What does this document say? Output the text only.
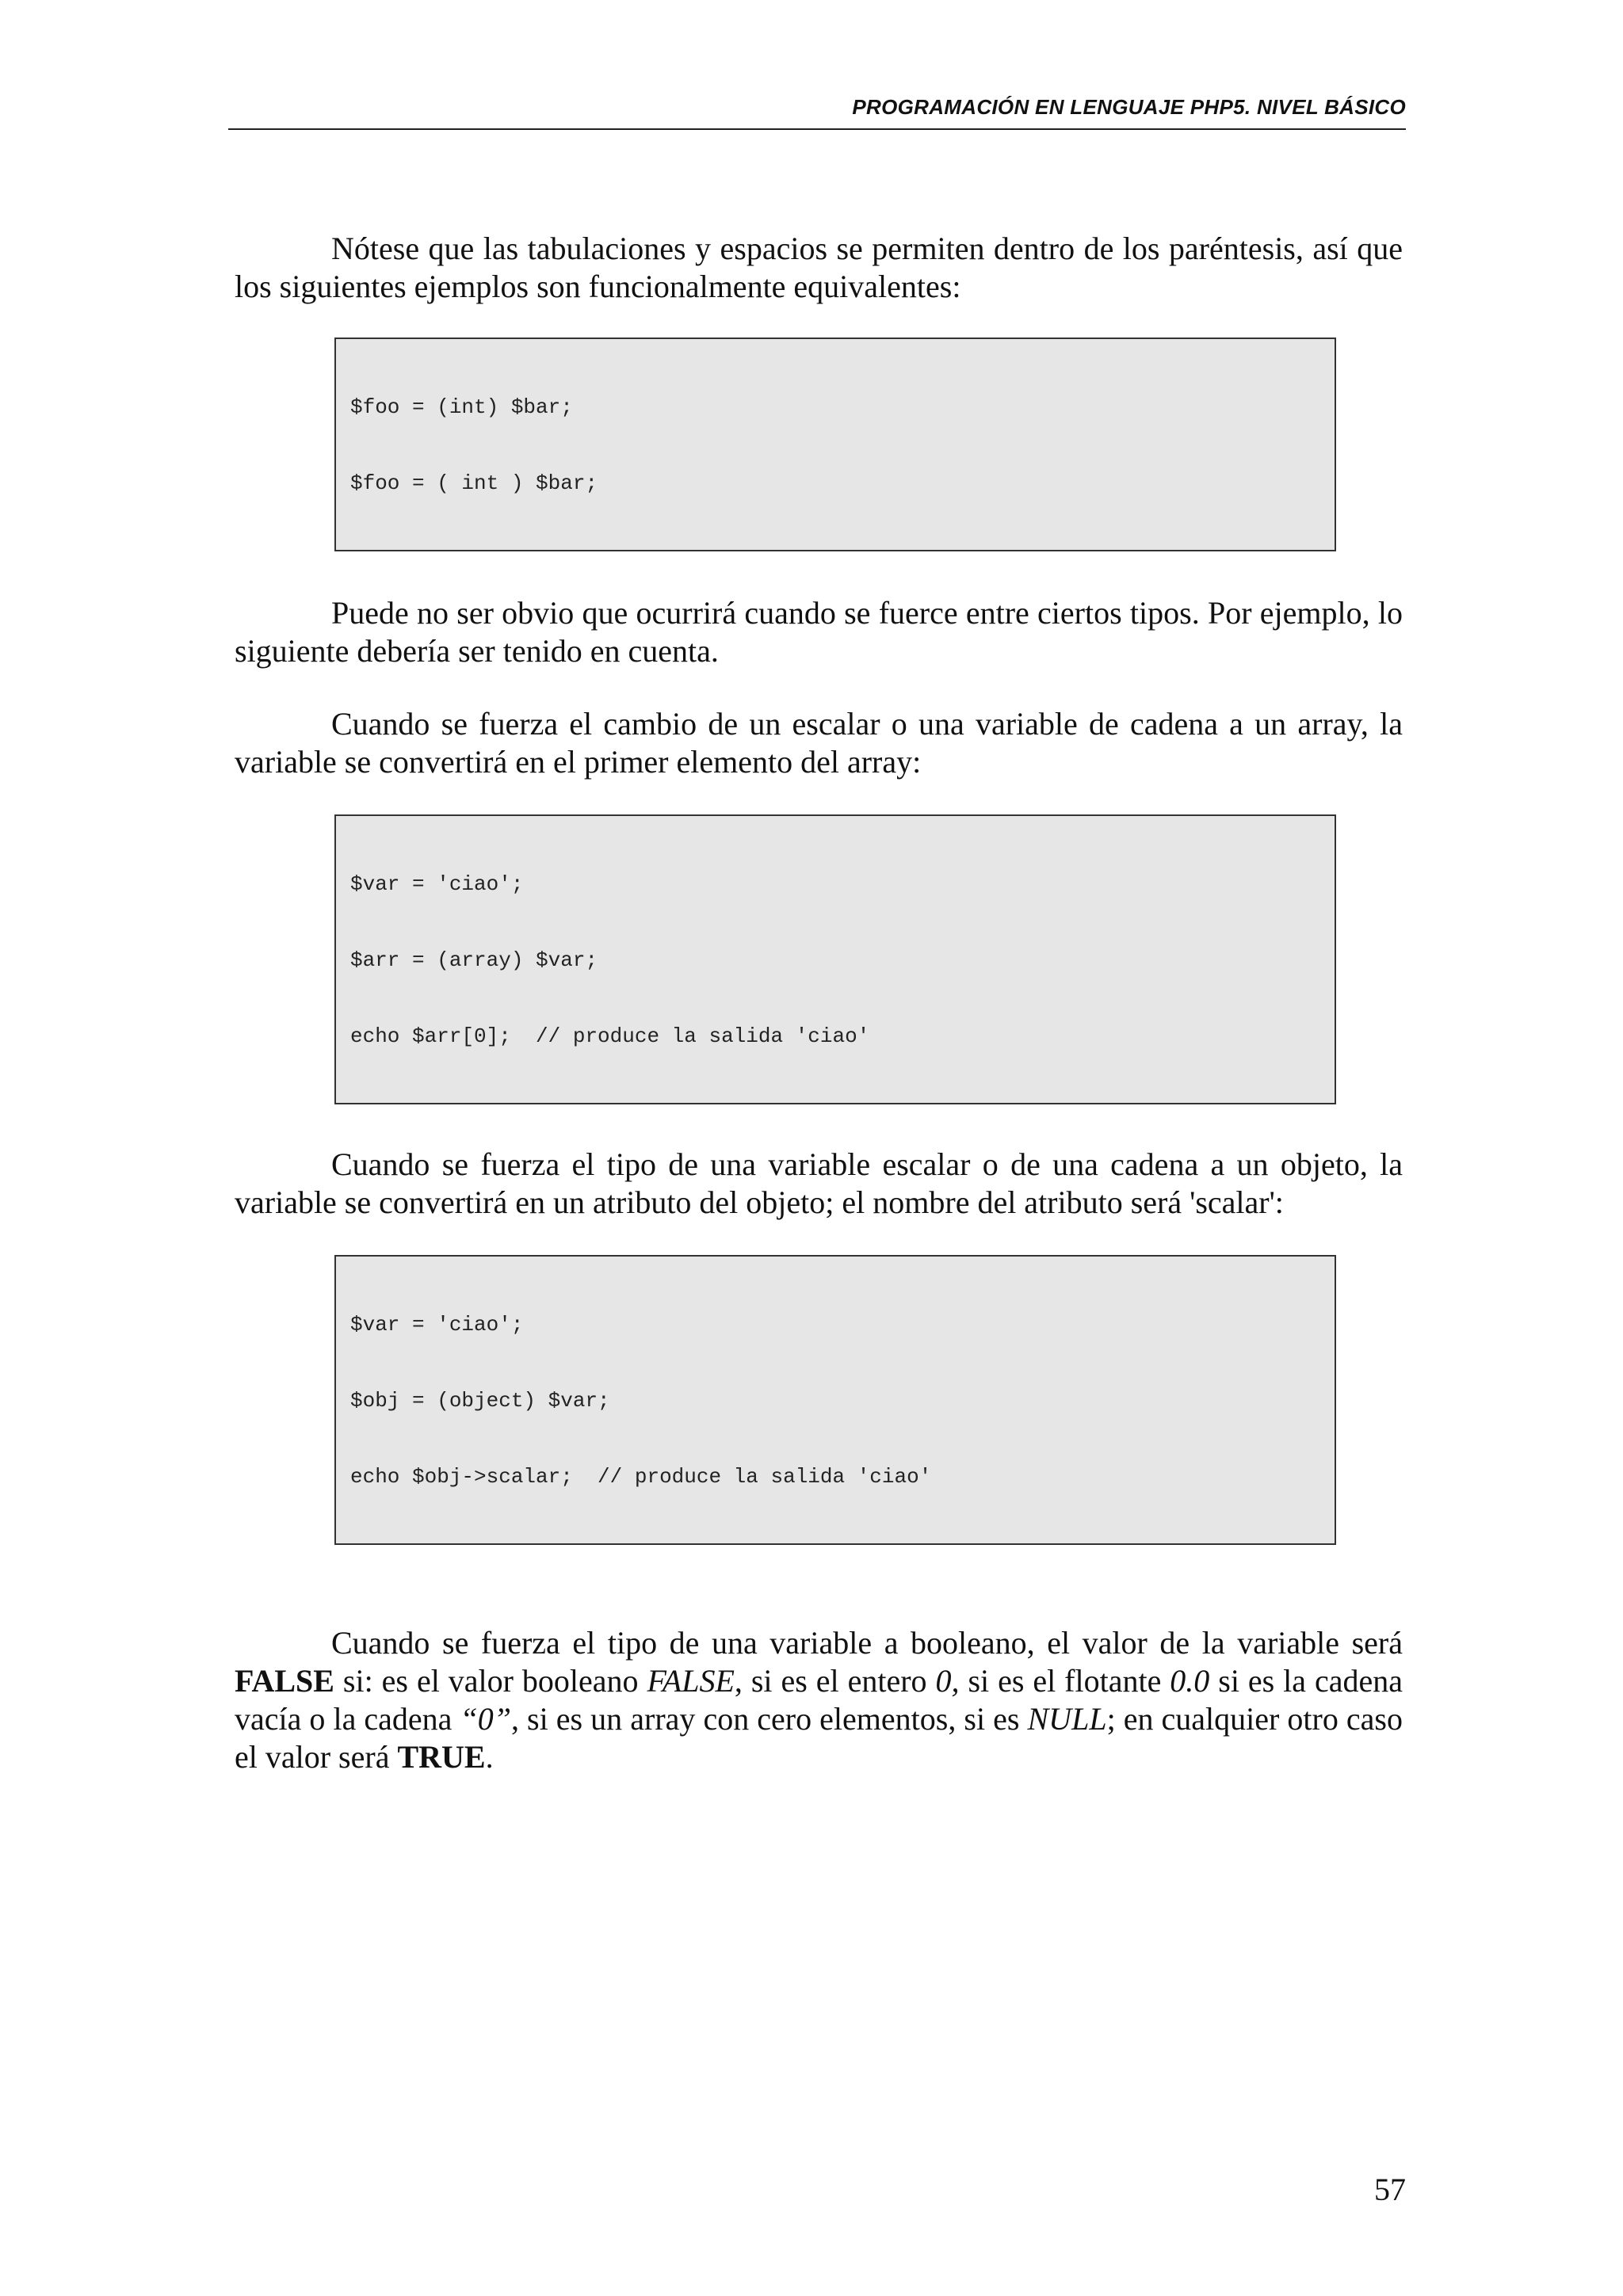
PROGRAMACIÓN EN LENGUAJE PHP5. NIVEL BÁSICO

Nótese que las tabulaciones y espacios se permiten dentro de los paréntesis, así que los siguientes ejemplos son funcionalmente equivalentes:

$foo = (int) $bar;

$foo = ( int ) $bar;

Puede no ser obvio que ocurrirá cuando se fuerce entre ciertos tipos. Por ejemplo, lo siguiente debería ser tenido en cuenta.

Cuando se fuerza el cambio de un escalar o una variable de cadena a un array, la variable se convertirá en el primer elemento del array:

$var = 'ciao';

$arr = (array) $var;

echo $arr[0];  // produce la salida 'ciao'

Cuando se fuerza el tipo de una variable escalar o de una cadena a un objeto, la variable se convertirá en un atributo del objeto; el nombre del atributo será 'scalar':

$var = 'ciao';

$obj = (object) $var;

echo $obj->scalar;  // produce la salida 'ciao'

Cuando se fuerza el tipo de una variable a booleano, el valor de la variable será FALSE si: es el valor booleano FALSE, si es el entero 0, si es el flotante 0.0 si es la cadena vacía o la cadena “0”, si es un array con cero elementos, si es NULL; en cualquier otro caso el valor será TRUE.

57
